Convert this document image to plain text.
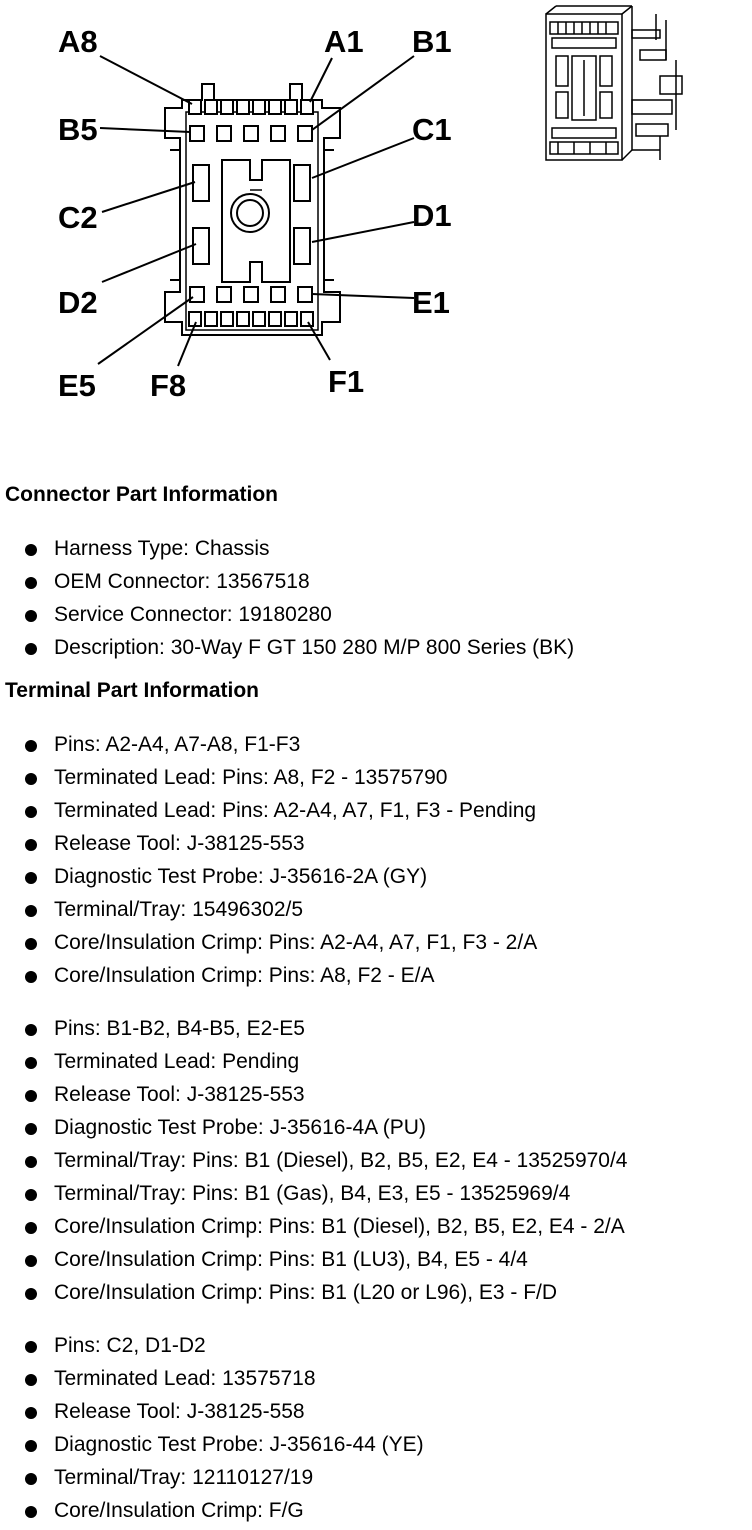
A8	A1 B1
B5	C1
C2	D1
D2	E1
E5 F8	F1
Connector Part Information
Harness Type: Chassis
OEM Connector: 13567518
Service Connector: 19180280
Description: 30-Way F GT 150 280 M/P 800 Series (BK)
Terminal Part Information
Pins: A2-A4, A7-A8, F1-F3
Terminated Lead: Pins: A8, F2 - 13575790
Terminated Lead: Pins: A2-A4, A7, F1, F3 - Pending
Release Tool: J-38125-553
Diagnostic Test Probe: J-35616-2A (GY)
Terminal/Tray: 15496302/5
Core/Insulation Crimp: Pins: A2-A4, A7, F1, F3 - 2/A
Core/Insulation Crimp: Pins: A8, F2 - E/A
Pins: B1-B2, B4-B5, E2-E5
Terminated Lead: Pending
Release Tool: J-38125-553
Diagnostic Test Probe: J-35616-4A (PU)
Terminal/Tray: Pins: B1 (Diesel), B2, B5, E2, E4 - 13525970/4
Terminal/Tray: Pins: B1 (Gas), B4, E3, E5 - 13525969/4
Core/Insulation Crimp: Pins: B1 (Diesel), B2, B5, E2, E4 - 2/A
Core/Insulation Crimp: Pins: B1 (LU3), B4, E5 - 4/4
Core/Insulation Crimp: Pins: B1 (L20 or L96), E3 - F/D
Pins: C2, D1-D2
Terminated Lead: 13575718
Release Tool: J-38125-558
Diagnostic Test Probe: J-35616-44 (YE)
Terminal/Tray: 12110127/19
Core/Insulation Crimp: F/G
